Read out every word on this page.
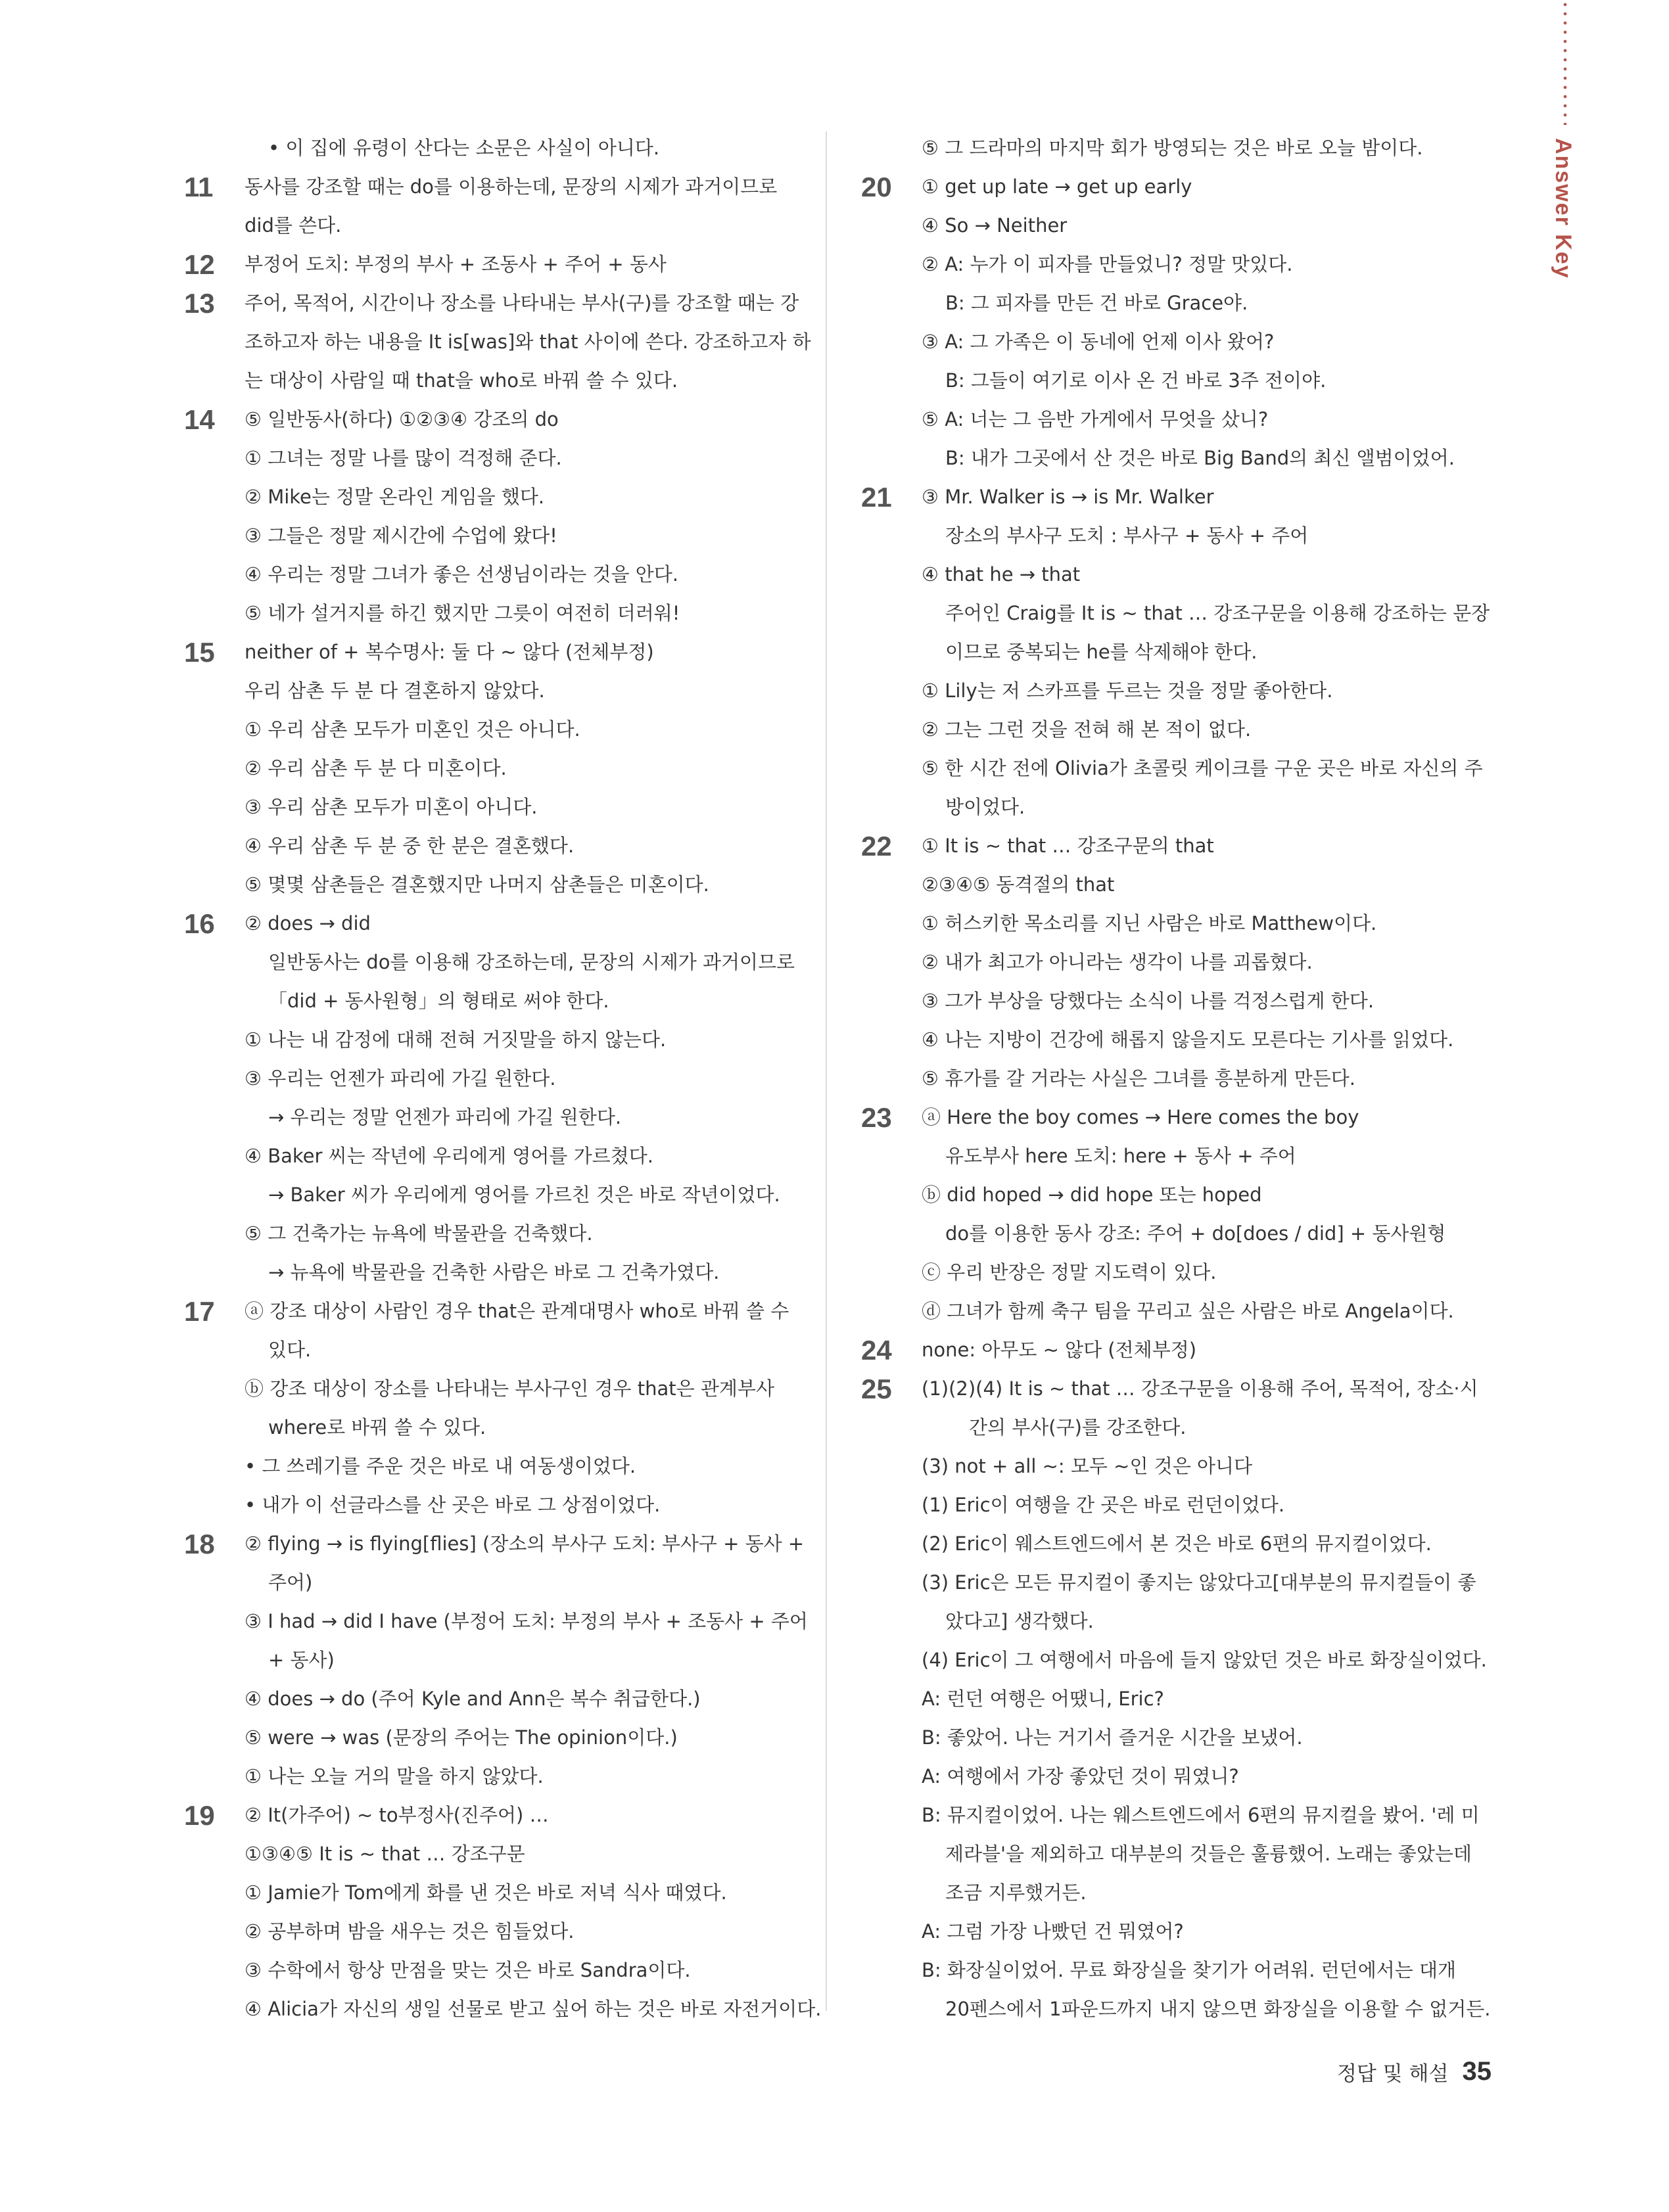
Answer Key
• 이 집에 유령이 산다는 소문은 사실이 아니다.
11	동사를 강조할 때는 do를 이용하는데, 문장의 시제가 과거이므로
did를 쓴다.
12	부정어 도치: 부정의 부사 + 조동사 + 주어 + 동사
13	주어, 목적어, 시간이나 장소를 나타내는 부사(구)를 강조할 때는 강
조하고자 하는 내용을 It is[was]와 that 사이에 쓴다. 강조하고자 하
는 대상이 사람일 때 that을 who로 바꿔 쓸 수 있다.
14	⑤ 일반동사(하다) ①②③④ 강조의 do
① 그녀는 정말 나를 많이 걱정해 준다.
② Mike는 정말 온라인 게임을 했다.
③ 그들은 정말 제시간에 수업에 왔다!
④ 우리는 정말 그녀가 좋은 선생님이라는 것을 안다.
⑤ 네가 설거지를 하긴 했지만 그릇이 여전히 더러워!
15	neither of + 복수명사: 둘 다 ~ 않다 (전체부정)
우리 삼촌 두 분 다 결혼하지 않았다.
① 우리 삼촌 모두가 미혼인 것은 아니다.
② 우리 삼촌 두 분 다 미혼이다.
③ 우리 삼촌 모두가 미혼이 아니다.
④ 우리 삼촌 두 분 중 한 분은 결혼했다.
⑤ 몇몇 삼촌들은 결혼했지만 나머지 삼촌들은 미혼이다.
16	② does → did
일반동사는 do를 이용해 강조하는데, 문장의 시제가 과거이므로
「did + 동사원형」의 형태로 써야 한다.
① 나는 내 감정에 대해 전혀 거짓말을 하지 않는다.
③ 우리는 언젠가 파리에 가길 원한다.
→ 우리는 정말 언젠가 파리에 가길 원한다.
④ Baker 씨는 작년에 우리에게 영어를 가르쳤다.
→ Baker 씨가 우리에게 영어를 가르친 것은 바로 작년이었다.
⑤ 그 건축가는 뉴욕에 박물관을 건축했다.
→ 뉴욕에 박물관을 건축한 사람은 바로 그 건축가였다.
17	ⓐ 강조 대상이 사람인 경우 that은 관계대명사 who로 바꿔 쓸 수
있다.
ⓑ 강조 대상이 장소를 나타내는 부사구인 경우 that은 관계부사
where로 바꿔 쓸 수 있다.
• 그 쓰레기를 주운 것은 바로 내 여동생이었다.
• 내가 이 선글라스를 산 곳은 바로 그 상점이었다.
18	② flying → is flying[flies] (장소의 부사구 도치: 부사구 + 동사 +
주어)
③ I had → did I have (부정어 도치: 부정의 부사 + 조동사 + 주어
+ 동사)
④ does → do (주어 Kyle and Ann은 복수 취급한다.)
⑤ were → was (문장의 주어는 The opinion이다.)
① 나는 오늘 거의 말을 하지 않았다.
19	② It(가주어) ~ to부정사(진주어) …
①③④⑤ It is ~ that … 강조구문
① Jamie가 Tom에게 화를 낸 것은 바로 저녁 식사 때였다.
② 공부하며 밤을 새우는 것은 힘들었다.
③ 수학에서 항상 만점을 맞는 것은 바로 Sandra이다.
④ Alicia가 자신의 생일 선물로 받고 싶어 하는 것은 바로 자전거이다.
⑤ 그 드라마의 마지막 회가 방영되는 것은 바로 오늘 밤이다.
20	① get up late → get up early
④ So → Neither
② A: 누가 이 피자를 만들었니? 정말 맛있다.
B: 그 피자를 만든 건 바로 Grace야.
③ A: 그 가족은 이 동네에 언제 이사 왔어?
B: 그들이 여기로 이사 온 건 바로 3주 전이야.
⑤ A: 너는 그 음반 가게에서 무엇을 샀니?
B: 내가 그곳에서 산 것은 바로 Big Band의 최신 앨범이었어.
21	③ Mr. Walker is → is Mr. Walker
장소의 부사구 도치 : 부사구 + 동사 + 주어
④ that he → that
주어인 Craig를 It is ~ that … 강조구문을 이용해 강조하는 문장
이므로 중복되는 he를 삭제해야 한다.
① Lily는 저 스카프를 두르는 것을 정말 좋아한다.
② 그는 그런 것을 전혀 해 본 적이 없다.
⑤ 한 시간 전에 Olivia가 초콜릿 케이크를 구운 곳은 바로 자신의 주
방이었다.
22	① It is ~ that … 강조구문의 that
②③④⑤ 동격절의 that
① 허스키한 목소리를 지닌 사람은 바로 Matthew이다.
② 내가 최고가 아니라는 생각이 나를 괴롭혔다.
③ 그가 부상을 당했다는 소식이 나를 걱정스럽게 한다.
④ 나는 지방이 건강에 해롭지 않을지도 모른다는 기사를 읽었다.
⑤ 휴가를 갈 거라는 사실은 그녀를 흥분하게 만든다.
23	ⓐ Here the boy comes → Here comes the boy
유도부사 here 도치: here + 동사 + 주어
ⓑ did hoped → did hope 또는 hoped
do를 이용한 동사 강조: 주어 + do[does / did] + 동사원형
ⓒ 우리 반장은 정말 지도력이 있다.
ⓓ 그녀가 함께 축구 팀을 꾸리고 싶은 사람은 바로 Angela이다.
24	none: 아무도 ~ 않다 (전체부정)
25	(1)(2)(4) It is ~ that … 강조구문을 이용해 주어, 목적어, 장소·시
간의 부사(구)를 강조한다.
(3) not + all ~: 모두 ~인 것은 아니다
(1) Eric이 여행을 간 곳은 바로 런던이었다.
(2) Eric이 웨스트엔드에서 본 것은 바로 6편의 뮤지컬이었다.
(3) Eric은 모든 뮤지컬이 좋지는 않았다고[대부분의 뮤지컬들이 좋
았다고] 생각했다.
(4) Eric이 그 여행에서 마음에 들지 않았던 것은 바로 화장실이었다.
A: 런던 여행은 어땠니, Eric?
B: 좋았어. 나는 거기서 즐거운 시간을 보냈어.
A: 여행에서 가장 좋았던 것이 뭐였니?
B: 뮤지컬이었어. 나는 웨스트엔드에서 6편의 뮤지컬을 봤어. '레 미
제라블'을 제외하고 대부분의 것들은 훌륭했어. 노래는 좋았는데
조금 지루했거든.
A: 그럼 가장 나빴던 건 뭐였어?
B: 화장실이었어. 무료 화장실을 찾기가 어려워. 런던에서는 대개
20펜스에서 1파운드까지 내지 않으면 화장실을 이용할 수 없거든.
정답 및 해설 35
